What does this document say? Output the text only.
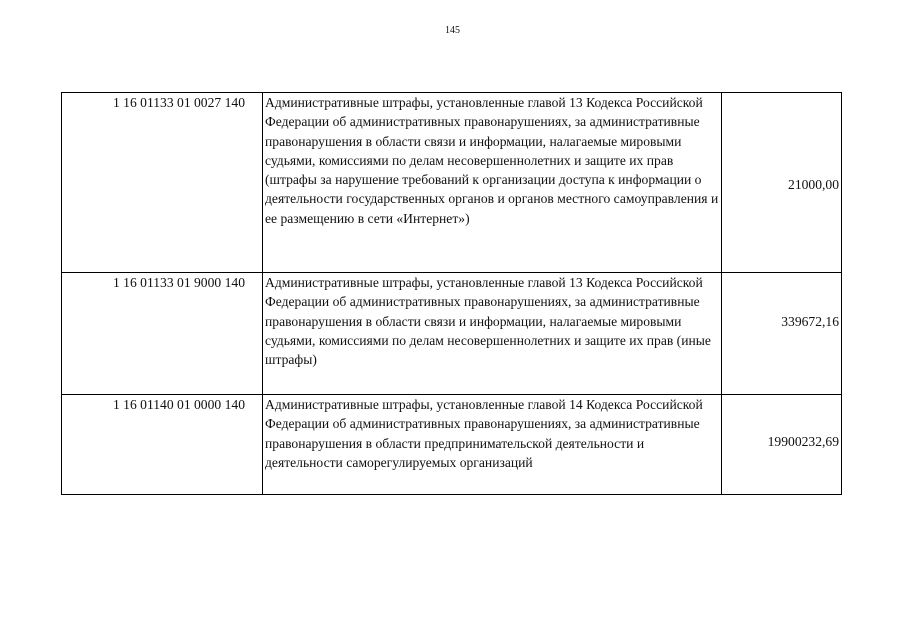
145
1 16 01133 01 0027 140	Административные штрафы, установленные главой 13 Кодекса Российской Федерации об административных правонарушениях, за административные правонарушения в области связи и информации, налагаемые мировыми судьями, комиссиями по делам несовершеннолетних и защите их прав (штрафы за нарушение требований к организации доступа к информации о деятельности государственных органов и органов местного самоуправления и ее размещению в сети «Интернет»)	21000,00

1 16 01133 01 9000 140	Административные штрафы, установленные главой 13 Кодекса Российской Федерации об административных правонарушениях, за административные правонарушения в области связи и информации, налагаемые мировыми судьями, комиссиями по делам несовершеннолетних и защите их прав (иные штрафы)	339672,16

1 16 01140 01 0000 140	Административные штрафы, установленные главой 14 Кодекса Российской Федерации об административных правонарушениях, за административные правонарушения в области предпринимательской деятельности и деятельности саморегулируемых организаций	19900232,69
